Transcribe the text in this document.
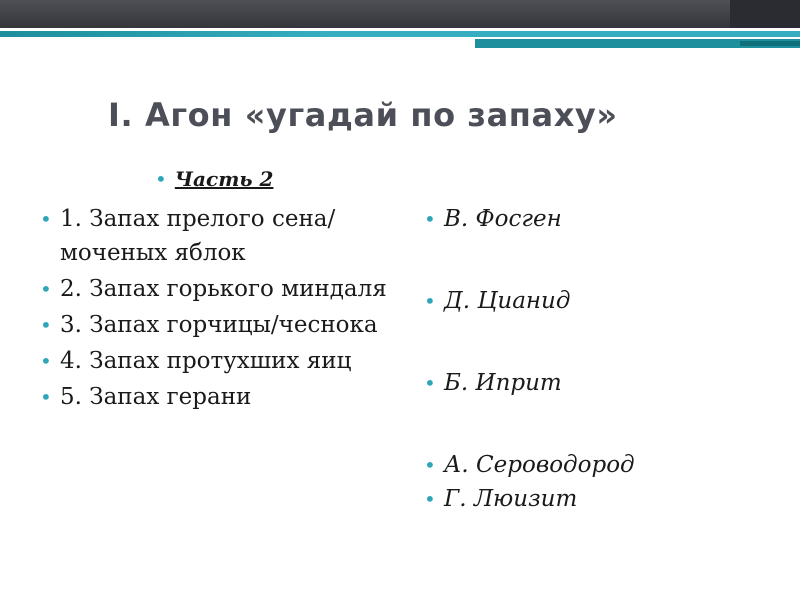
I. Агон «угадай по запаху»
• Часть 2
• 1. Запах прелого сена/моченых яблок
• 2. Запах горького миндаля
• 3. Запах горчицы/чеснока
• 4. Запах протухших яиц
• 5. Запах герани
• В. Фосген
• Д. Цианид
• Б. Иприт
• А. Сероводород
• Г. Люизит
